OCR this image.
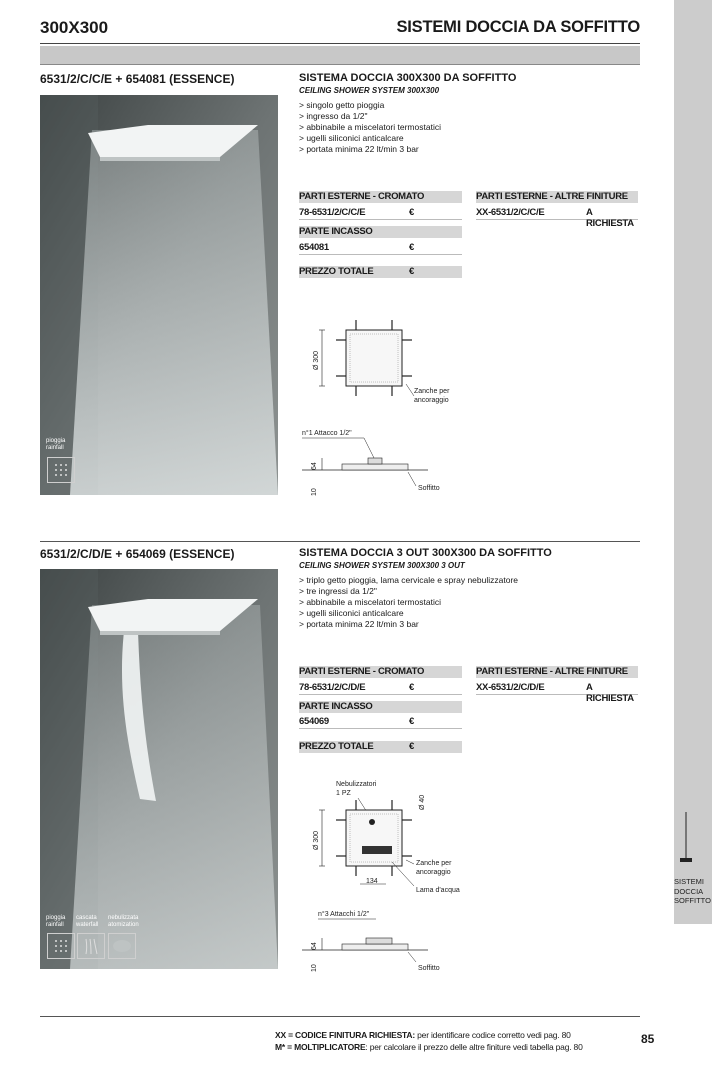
300X300	SISTEMI DOCCIA DA SOFFITTO
SISTEMI
DOCCIA
SOFFITTO
6531/2/C/C/E + 654081 (ESSENCE)
pioggia
rainfall
SISTEMA DOCCIA 300X300 DA SOFFITTO
CEILING SHOWER SYSTEM 300X300
> singolo getto pioggia
> ingresso da 1/2"
> abbinabile a miscelatori termostatici
> ugelli siliconici anticalcare
> portata minima 22 lt/min 3 bar
PARTI ESTERNE - CROMATO
78-6531/2/C/C/E	€
PARTI ESTERNE - ALTRE FINITURE
XX-6531/2/C/C/E	A RICHIESTA
PARTE INCASSO
654081	€
PREZZO TOTALE	€
Ø 300
Zanche per
ancoraggio
n°1 Attacco 1/2"
64
10	Soffitto
6531/2/C/D/E + 654069 (ESSENCE)
pioggia
rainfall
cascata
waterfall
nebulizzata
atomization
SISTEMA DOCCIA 3 OUT 300X300 DA SOFFITTO
CEILING SHOWER SYSTEM 300X300 3 OUT
> triplo getto pioggia, lama cervicale e spray nebulizzatore
> tre ingressi da 1/2"
> abbinabile a miscelatori termostatici
> ugelli siliconici anticalcare
> portata minima 22 lt/min 3 bar
PARTI ESTERNE - CROMATO
78-6531/2/C/D/E	€
PARTI ESTERNE - ALTRE FINITURE
XX-6531/2/C/D/E	A RICHIESTA
PARTE INCASSO
654069	€
PREZZO TOTALE	€
Nebulizzatori
1 PZ
Ø 40
Ø 300
Zanche per
ancoraggio
134
Lama d'acqua
n°3 Attacchi 1/2"
64
10	Soffitto
XX = CODICE FINITURA RICHIESTA: per identificare codice corretto vedi pag. 80
M* = MOLTIPLICATORE: per calcolare il prezzo delle altre finiture vedi tabella pag. 80
85
